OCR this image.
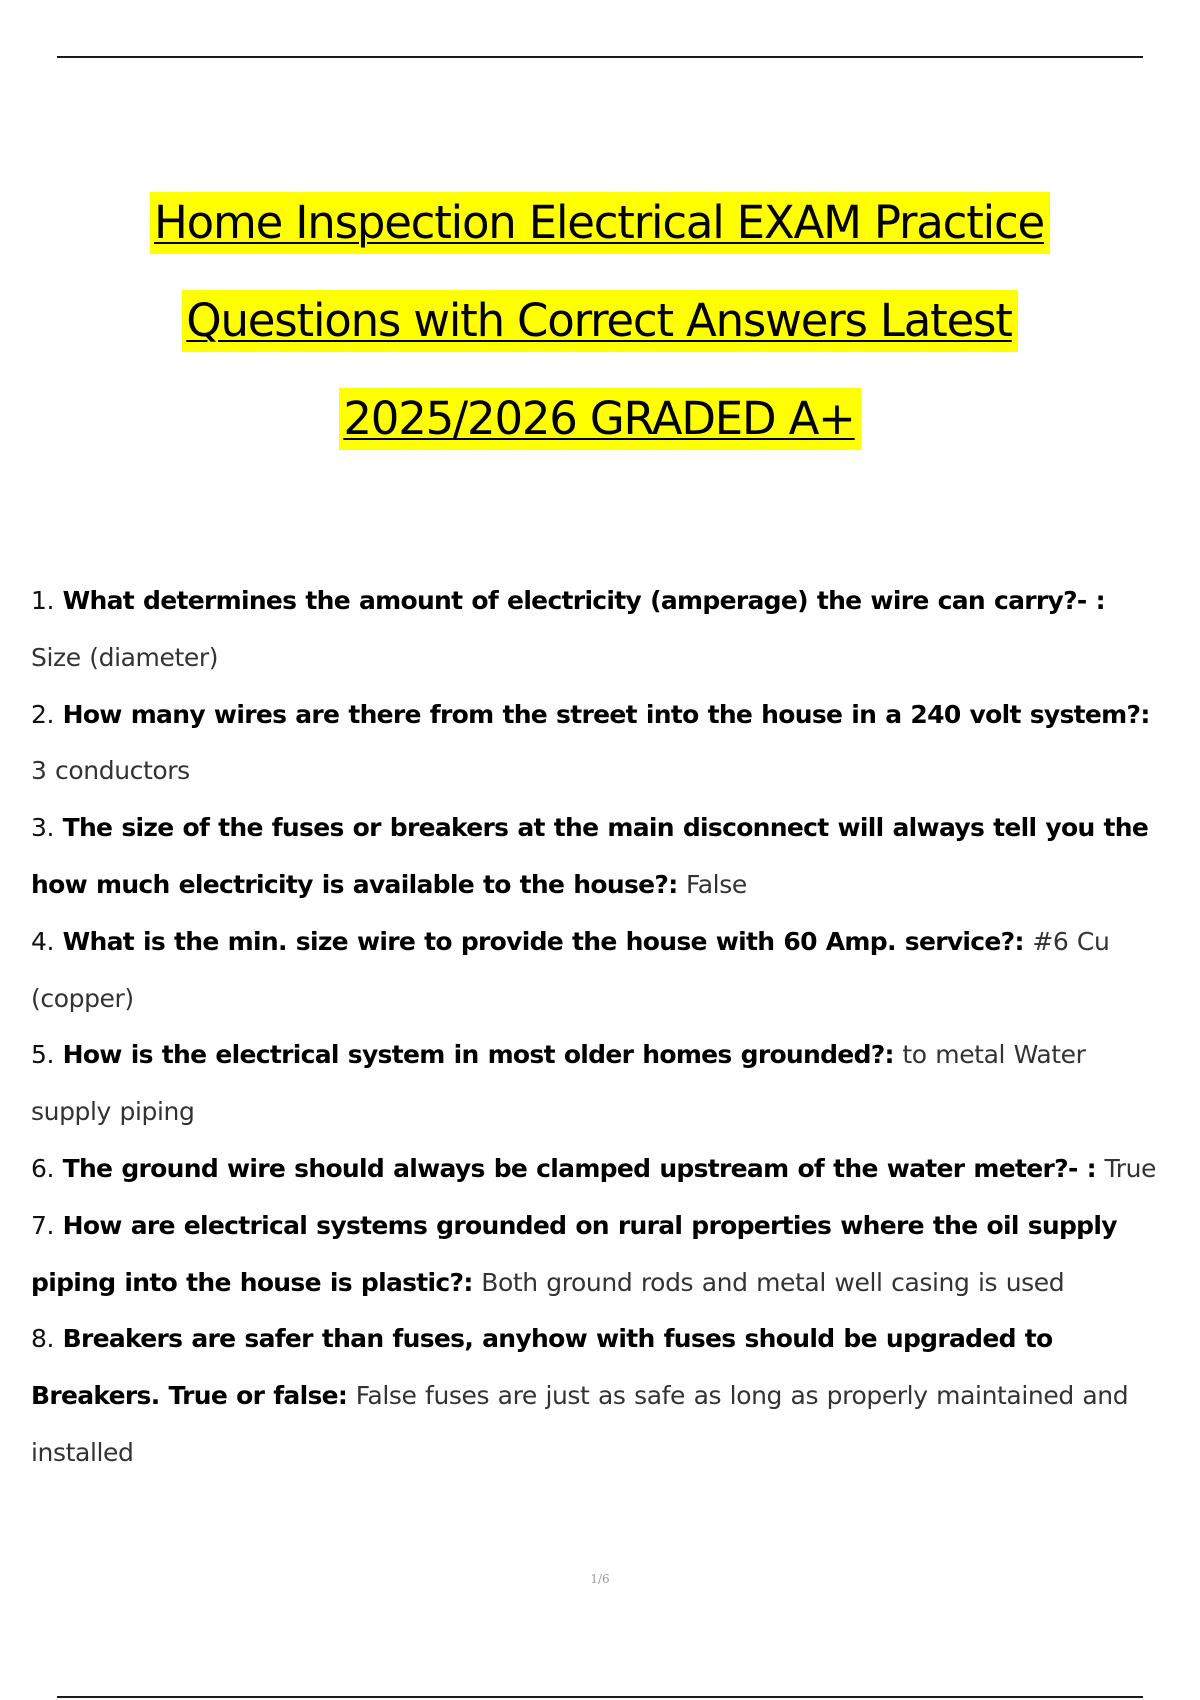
Home Inspection Electrical EXAM Practice
Questions with Correct Answers Latest
2025/2026 GRADED A+

1. What determines the amount of electricity (amperage) the wire can carry?- : Size (diameter)

2. How many wires are there from the street into the house in a 240 volt system?: 3 conductors

3. The size of the fuses or breakers at the main disconnect will always tell you the how much electricity is available to the house?: False

4. What is the min. size wire to provide the house with 60 Amp. service?: #6 Cu (copper)

5. How is the electrical system in most older homes grounded?: to metal Water supply piping

6. The ground wire should always be clamped upstream of the water meter?- : True

7. How are electrical systems grounded on rural properties where the oil supply piping into the house is plastic?: Both ground rods and metal well casing is used

8. Breakers are safer than fuses, anyhow with fuses should be upgraded to Breakers. True or false: False fuses are just as safe as long as properly maintained and installed

1/6
